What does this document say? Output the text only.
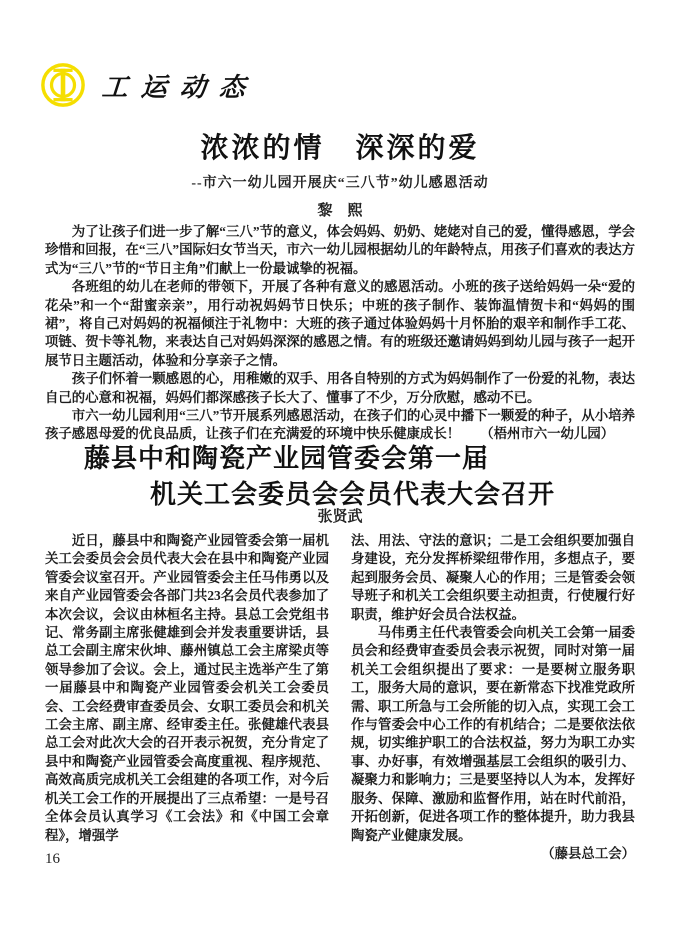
工运动态
浓浓的情　深深的爱

--市六一幼儿园开展庆“三八节”幼儿感恩活动

黎　熙

为了让孩子们进一步了解“三八”节的意义，体会妈妈、奶奶、姥姥对自己的爱，懂得感恩，学会珍惜和回报，在“三八”国际妇女节当天，市六一幼儿园根据幼儿的年龄特点，用孩子们喜欢的表达方式为“三八”节的“节日主角”们献上一份最诚挚的祝福。

各班组的幼儿在老师的带领下，开展了各种有意义的感恩活动。小班的孩子送给妈妈一朵“爱的花朵”和一个“甜蜜亲亲”，用行动祝妈妈节日快乐；中班的孩子制作、装饰温情贺卡和“妈妈的围裙”，将自己对妈妈的祝福倾注于礼物中：大班的孩子通过体验妈妈十月怀胎的艰辛和制作手工花、项链、贺卡等礼物，来表达自己对妈妈深深的感恩之情。有的班级还邀请妈妈到幼儿园与孩子一起开展节日主题活动，体验和分享亲子之情。

孩子们怀着一颗感恩的心，用稚嫩的双手、用各自特别的方式为妈妈制作了一份爱的礼物，表达自己的心意和祝福，妈妈们都深感孩子长大了、懂事了不少，万分欣慰，感动不已。

市六一幼儿园利用“三八”节开展系列感恩活动，在孩子们的心灵中播下一颗爱的种子，从小培养孩子感恩母爱的优良品质，让孩子们在充满爱的环境中快乐健康成长！　　（梧州市六一幼儿园）

藤县中和陶瓷产业园管委会第一届
机关工会委员会会员代表大会召开

张贤武

近日，藤县中和陶瓷产业园管委会第一届机关工会委员会会员代表大会在县中和陶瓷产业园管委会议室召开。产业园管委会主任马伟勇以及来自产业园管委会各部门共23名会员代表参加了本次会议，会议由林桓名主持。县总工会党组书记、常务副主席张健雄到会并发表重要讲话，县总工会副主席宋伙坤、藤州镇总工会主席梁贞等领导参加了会议。会上，通过民主选举产生了第一届藤县中和陶瓷产业园管委会机关工会委员会、工会经费审查委员会、女职工委员会和机关工会主席、副主席、经审委主任。张健雄代表县总工会对此次大会的召开表示祝贺，充分肯定了县中和陶瓷产业园管委会高度重视、程序规范、高效高质完成机关工会组建的各项工作，对今后机关工会工作的开展提出了三点希望：一是号召全体会员认真学习《工会法》和《中国工会章程》，增强学

法、用法、守法的意识；二是工会组织要加强自身建设，充分发挥桥梁纽带作用，多想点子，要起到服务会员、凝聚人心的作用；三是管委会领导班子和机关工会组织要主动担责，行使履行好职责，维护好会员合法权益。

马伟勇主任代表管委会向机关工会第一届委员会和经费审查委员会表示祝贺，同时对第一届机关工会组织提出了要求：一是要树立服务职工，服务大局的意识，要在新常态下找准党政所需、职工所急与工会所能的切入点，实现工会工作与管委会中心工作的有机结合；二是要依法依规，切实维护职工的合法权益，努力为职工办实事、办好事，有效增强基层工会组织的吸引力、凝聚力和影响力；三是要坚持以人为本，发挥好服务、保障、激励和监督作用，站在时代前沿，开拓创新，促进各项工作的整体提升，助力我县陶瓷产业健康发展。

（藤县总工会）

16
